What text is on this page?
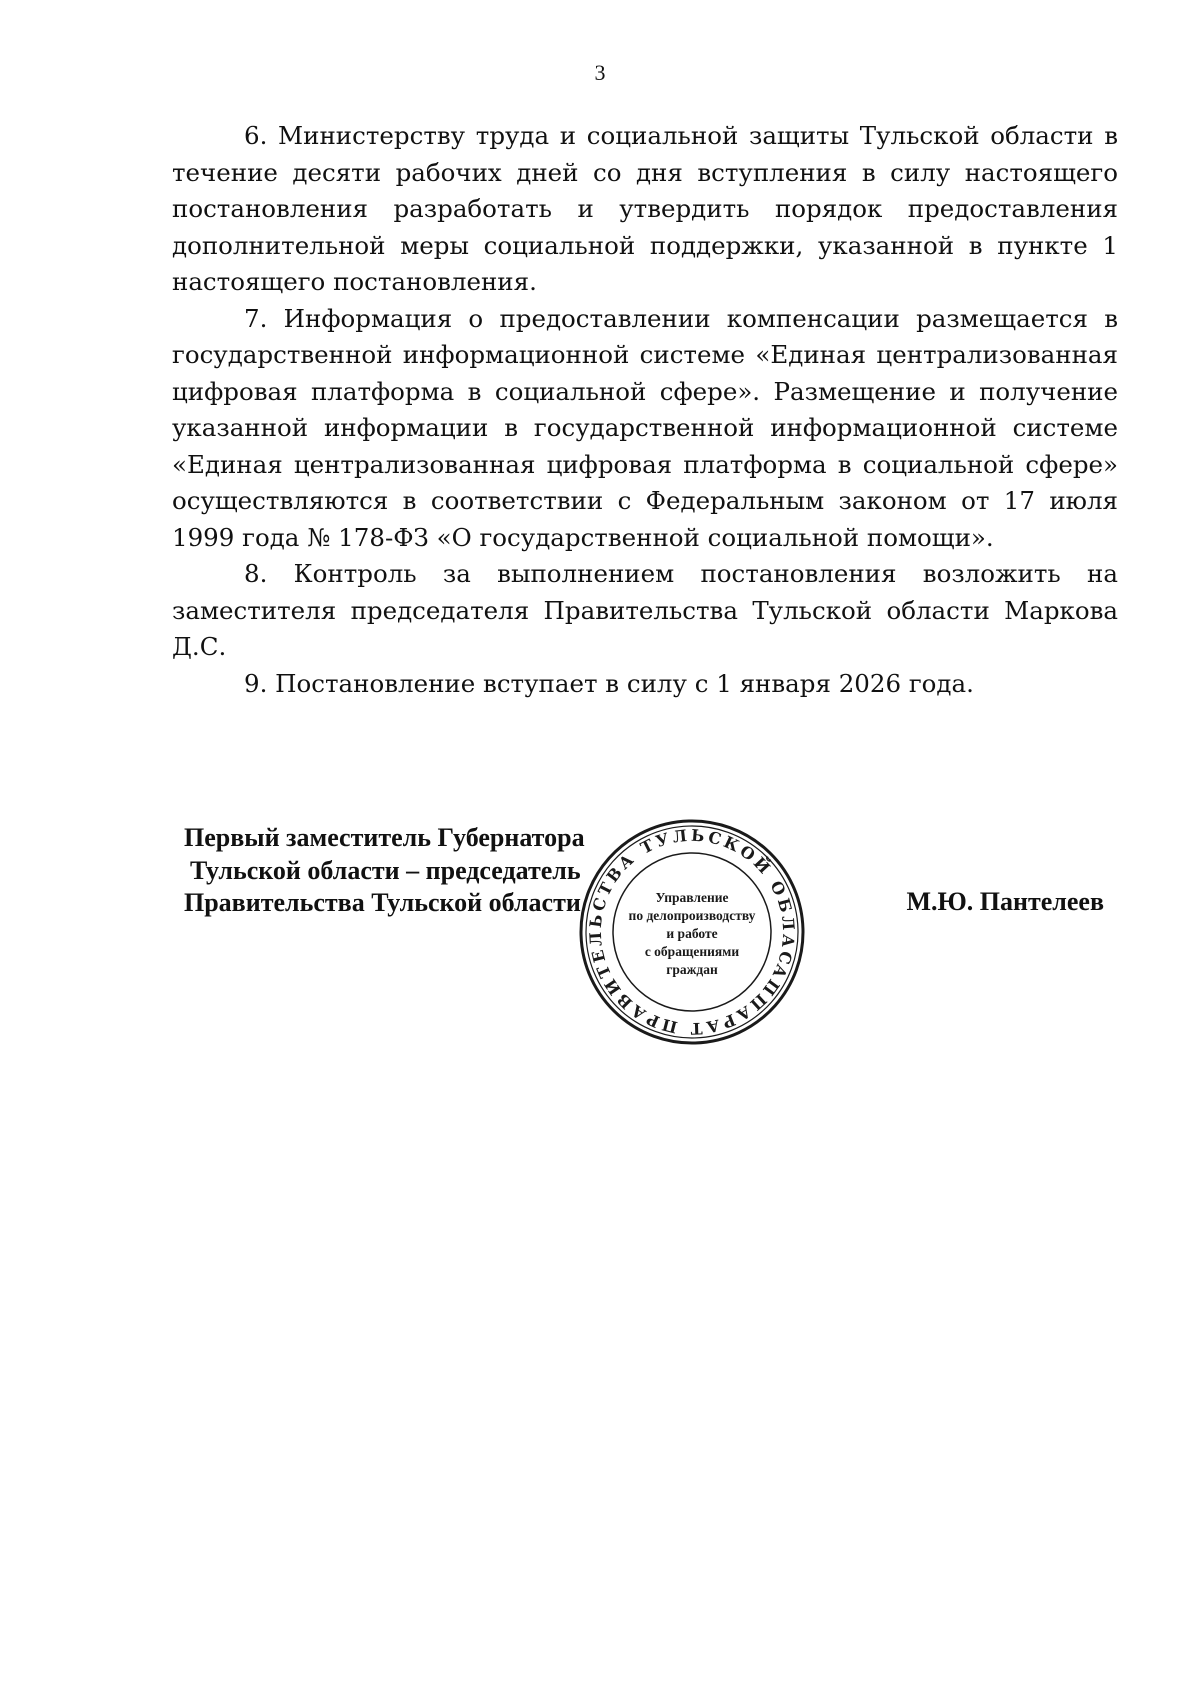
3

6. Министерству труда и социальной защиты Тульской области в течение десяти рабочих дней со дня вступления в силу настоящего постановления разработать и утвердить порядок предоставления дополнительной меры социальной поддержки, указанной в пункте 1 настоящего постановления.

7. Информация о предоставлении компенсации размещается в государственной информационной системе «Единая централизованная цифровая платформа в социальной сфере». Размещение и получение указанной информации в государственной информационной системе «Единая централизованная цифровая платформа в социальной сфере» осуществляются в соответствии с Федеральным законом от 17 июля 1999 года № 178-ФЗ «О государственной социальной помощи».

8. Контроль за выполнением постановления возложить на заместителя председателя Правительства Тульской области Маркова Д.С.

9. Постановление вступает в силу с 1 января 2026 года.

Первый заместитель Губернатора
Тульской области – председатель
Правительства Тульской области	М.Ю. Пантелеев
АППАРАТ ПРАВИТЕЛЬСТВА ТУЛЬСКОЙ ОБЛАСТИ
Управление
по делопроизводству
и работе
с обращениями
граждан
